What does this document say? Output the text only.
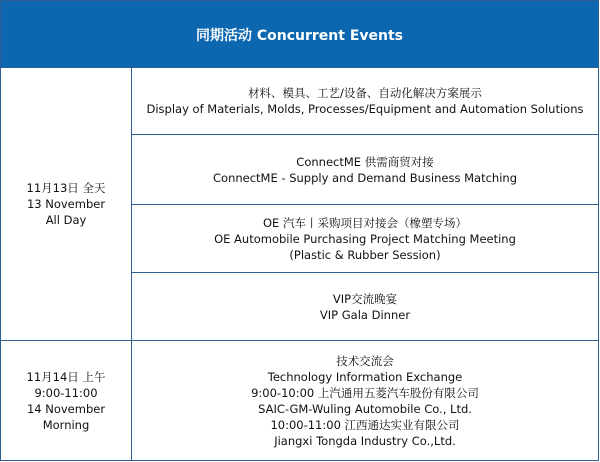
同期活动 Concurrent Events
11月13日 全天
13 November
All Day
材料、模具、工艺/设备、自动化解决方案展示
Display of Materials, Molds, Processes/Equipment and Automation Solutions
ConnectME 供需商贸对接
ConnectME - Supply and Demand Business Matching
OE 汽车丨采购项目对接会（橡塑专场）
OE Automobile Purchasing Project Matching Meeting
(Plastic & Rubber Session)
VIP交流晚宴
VIP Gala Dinner
11月14日 上午
9:00-11:00
14 November
Morning
技术交流会
Technology Information Exchange
9:00-10:00 上汽通用五菱汽车股份有限公司
SAIC-GM-Wuling Automobile Co., Ltd.
10:00-11:00 江西通达实业有限公司
Jiangxi Tongda Industry Co.,Ltd.
